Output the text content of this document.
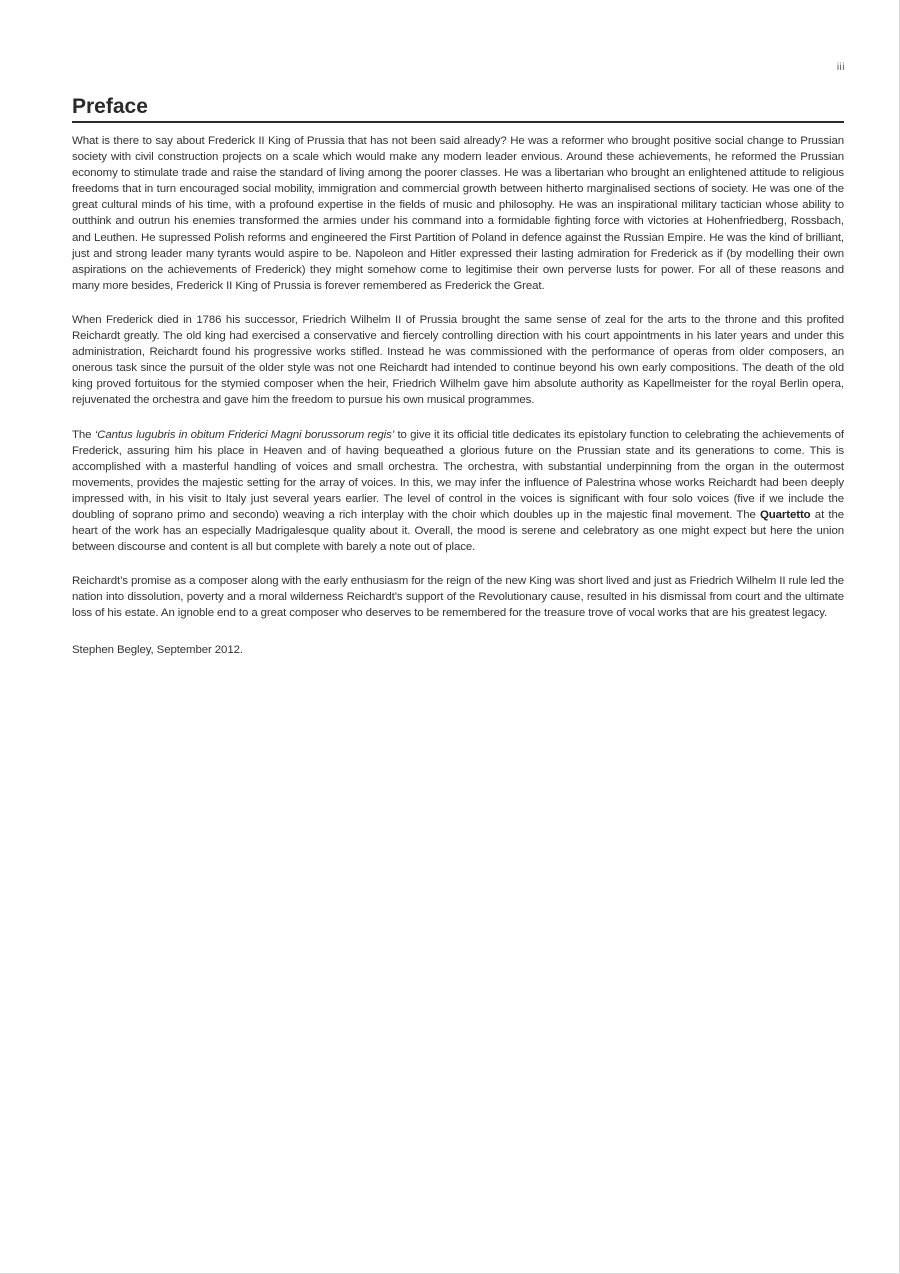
iii
Preface

What is there to say about Frederick II King of Prussia that has not been said already? He was a reformer who brought positive social change to Prussian society with civil construction projects on a scale which would make any modern leader envious. Around these achievements, he reformed the Prussian economy to stimulate trade and raise the standard of living among the poorer classes. He was a libertarian who brought an enlightened attitude to religious freedoms that in turn encouraged social mobility, immigration and commercial growth between hitherto marginalised sections of society. He was one of the great cultural minds of his time, with a profound expertise in the fields of music and philosophy. He was an inspirational military tactician whose ability to outthink and outrun his enemies transformed the armies under his command into a formidable fighting force with victories at Hohenfriedberg, Rossbach, and Leuthen. He supressed Polish reforms and engineered the First Partition of Poland in defence against the Russian Empire. He was the kind of brilliant, just and strong leader many tyrants would aspire to be. Napoleon and Hitler expressed their lasting admiration for Frederick as if (by modelling their own aspirations on the achievements of Frederick) they might somehow come to legitimise their own perverse lusts for power. For all of these reasons and many more besides, Frederick II King of Prussia is forever remembered as Frederick the Great.

When Frederick died in 1786 his successor, Friedrich Wilhelm II of Prussia brought the same sense of zeal for the arts to the throne and this profited Reichardt greatly. The old king had exercised a conservative and fiercely controlling direction with his court appointments in his later years and under this administration, Reichardt found his progressive works stifled. Instead he was commissioned with the performance of operas from older composers, an onerous task since the pursuit of the older style was not one Reichardt had intended to continue beyond his own early compositions. The death of the old king proved fortuitous for the stymied composer when the heir, Friedrich Wilhelm gave him absolute authority as Kapellmeister for the royal Berlin opera, rejuvenated the orchestra and gave him the freedom to pursue his own musical programmes.

The ‘Cantus lugubris in obitum Friderici Magni borussorum regis’ to give it its official title dedicates its epistolary function to celebrating the achievements of Frederick, assuring him his place in Heaven and of having bequeathed a glorious future on the Prussian state and its generations to come. This is accomplished with a masterful handling of voices and small orchestra. The orchestra, with substantial underpinning from the organ in the outermost movements, provides the majestic setting for the array of voices. In this, we may infer the influence of Palestrina whose works Reichardt had been deeply impressed with, in his visit to Italy just several years earlier. The level of control in the voices is significant with four solo voices (five if we include the doubling of soprano primo and secondo) weaving a rich interplay with the choir which doubles up in the majestic final movement. The Quartetto at the heart of the work has an especially Madrigalesque quality about it. Overall, the mood is serene and celebratory as one might expect but here the union between discourse and content is all but complete with barely a note out of place.

Reichardt’s promise as a composer along with the early enthusiasm for the reign of the new King was short lived and just as Friedrich Wilhelm II rule led the nation into dissolution, poverty and a moral wilderness Reichardt’s support of the Revolutionary cause, resulted in his dismissal from court and the ultimate loss of his estate. An ignoble end to a great composer who deserves to be remembered for the treasure trove of vocal works that are his greatest legacy.

Stephen Begley, September 2012.
